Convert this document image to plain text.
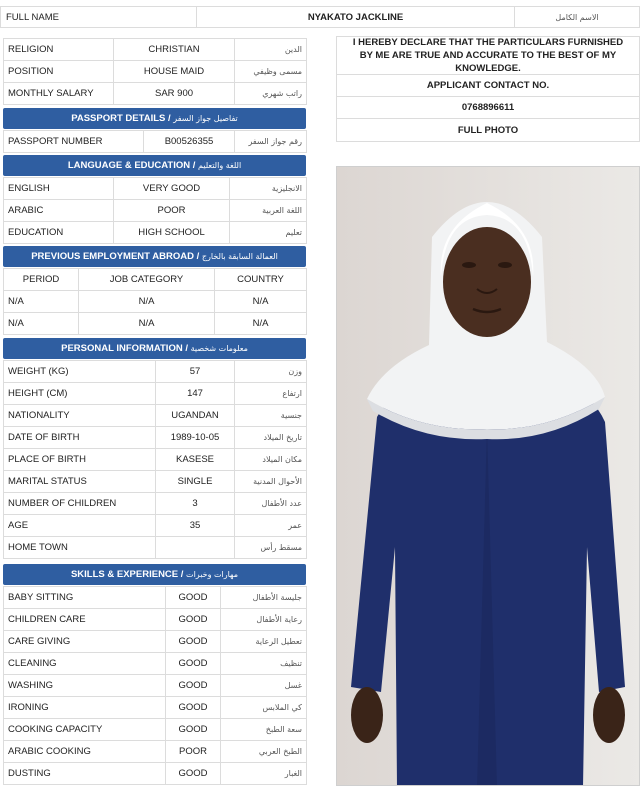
FULL NAME	NYAKATO JACKLINE	الاسم الكامل
RELIGION	CHRISTIAN	الدين
POSITION	HOUSE MAID	مسمى وظيفي
MONTHLY SALARY	SAR 900	راتب شهري
PASSPORT DETAILS / تفاصيل جواز السفر
PASSPORT NUMBER	B00526355	رقم جواز السفر
LANGUAGE & EDUCATION / اللغة والتعليم
ENGLISH	VERY GOOD	الانجليزية
ARABIC	POOR	اللغة العربية
EDUCATION	HIGH SCHOOL	تعليم
PREVIOUS EMPLOYMENT ABROAD / العمالة السابقة بالخارج
PERIOD	JOB CATEGORY	COUNTRY
N/A	N/A	N/A
N/A	N/A	N/A
PERSONAL INFORMATION / معلومات شخصية
WEIGHT (KG)	57	وزن
HEIGHT (CM)	147	ارتفاع
NATIONALITY	UGANDAN	جنسية
DATE OF BIRTH	1989-10-05	تاريخ الميلاد
PLACE OF BIRTH	KASESE	مكان الميلاد
MARITAL STATUS	SINGLE	الأحوال المدنية
NUMBER OF CHILDREN	3	عدد الأطفال
AGE	35	عمر
HOME TOWN		مسقط رأس
SKILLS & EXPERIENCE / مهارات وخبرات
BABY SITTING	GOOD	جليسة الأطفال
CHILDREN CARE	GOOD	رعاية الأطفال
CARE GIVING	GOOD	تعطيل الرعاية
CLEANING	GOOD	تنظيف
WASHING	GOOD	غسل
IRONING	GOOD	كي الملابس
COOKING CAPACITY	GOOD	سعة الطبخ
ARABIC COOKING	POOR	الطبخ العربي
DUSTING	GOOD	الغبار
I HEREBY DECLARE THAT THE PARTICULARS FURNISHED BY ME ARE TRUE AND ACCURATE TO THE BEST OF MY KNOWLEDGE.
APPLICANT CONTACT NO.
0768896611
FULL PHOTO
